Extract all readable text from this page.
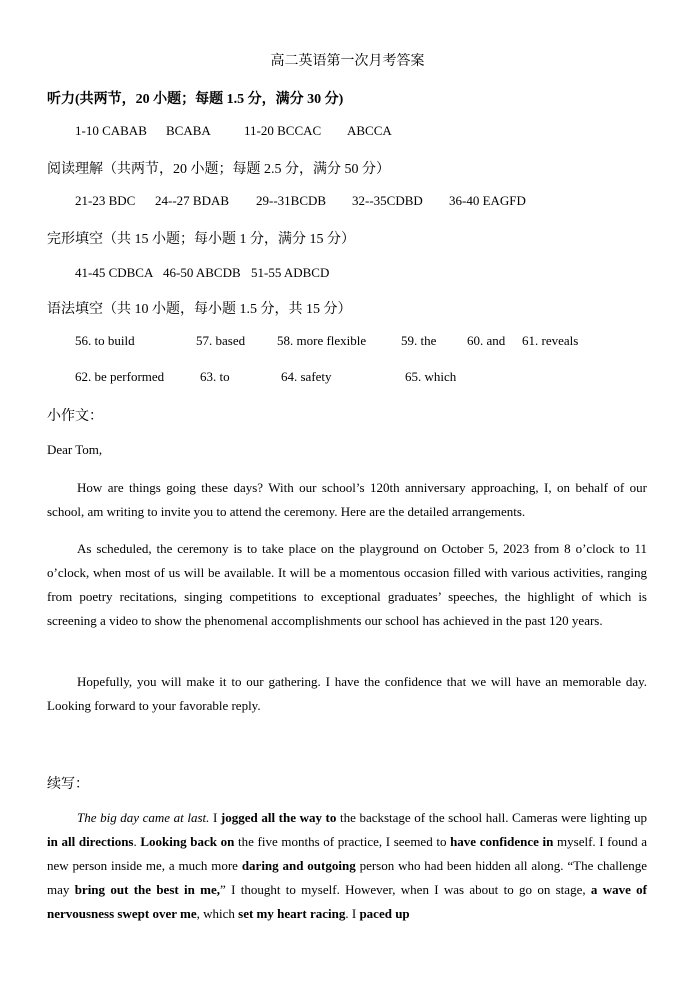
高二英语第一次月考答案
听力(共两节，20 小题；每题 1.5 分，满分 30 分)
1-10 CABAB BCABA	11-20 BCCAC ABCCA
阅读理解（共两节，20 小题；每题 2.5 分，满分 50 分）
21-23 BDC 24--27 BDAB 29--31BCDB 32--35CDBD 36-40 EAGFD
完形填空（共 15 小题；每小题 1 分，满分 15 分）
41-45 CDBCA 46-50 ABCDB 51-55 ADBCD
语法填空（共 10 小题，每小题 1.5 分，共 15 分）
56. to build	57. based 58. more flexible	59. the 60. and 61. reveals
62. be performed	63. to	64. safety	65. which
小作文：
Dear Tom,
How are things going these days? With our school’s 120th anniversary approaching, I, on behalf of our school, am writing to invite you to attend the ceremony. Here are the detailed arrangements.
As scheduled, the ceremony is to take place on the playground on October 5, 2023 from 8 o’clock to 11 o’clock, when most of us will be available. It will be a momentous occasion filled with various activities, ranging from poetry recitations, singing competitions to exceptional graduates’ speeches, the highlight of which is screening a video to show the phenomenal accomplishments our school has achieved in the past 120 years.
Hopefully, you will make it to our gathering. I have the confidence that we will have an memorable day. Looking forward to your favorable reply.
续写：
The big day came at last. I jogged all the way to the backstage of the school hall. Cameras were lighting up in all directions. Looking back on the five months of practice, I seemed to have confidence in myself. I found a new person inside me, a much more daring and outgoing person who had been hidden all along. “The challenge may bring out the best in me,” I thought to myself. However, when I was about to go on stage, a wave of nervousness swept over me, which set my heart racing. I paced up
